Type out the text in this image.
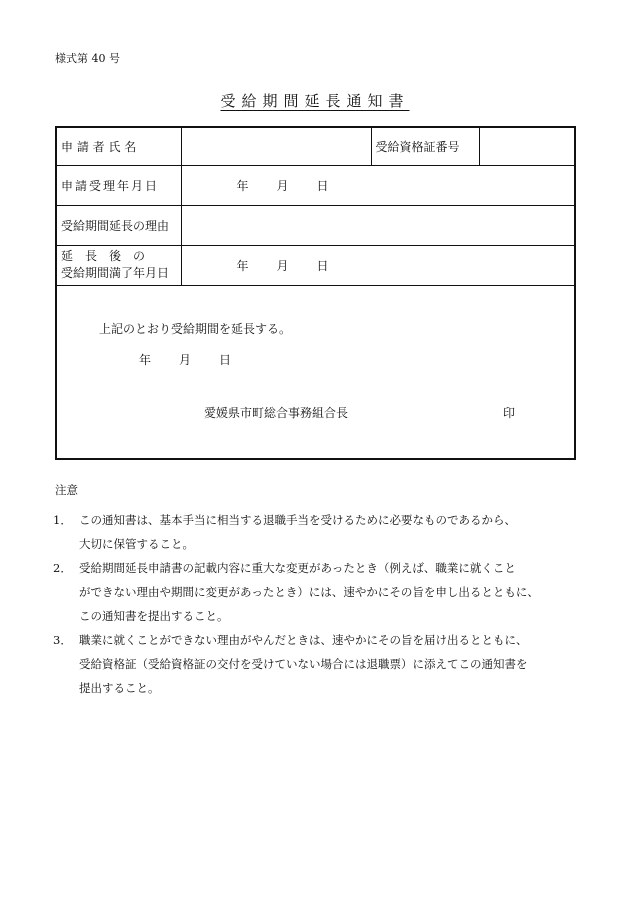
様式第 40 号
受給期間延長通知書
申 請 者 氏 名		受給資格証番号	
申請受理年月日	年 月 日		
受給期間延長の理由			

延　長　後　の
受給期間満了年月日	年 月 日		

上記のとおり受給期間を延長する。
年 月 日
愛媛県市町総合事務組合長 印			
注意
1． この通知書は、基本手当に相当する退職手当を受けるために必要なものであるから、
大切に保管すること。
2． 受給期間延長申請書の記載内容に重大な変更があったとき（例えば、職業に就くこと
ができない理由や期間に変更があったとき）には、速やかにその旨を申し出るとともに、
この通知書を提出すること。
3． 職業に就くことができない理由がやんだときは、速やかにその旨を届け出るとともに、
受給資格証（受給資格証の交付を受けていない場合には退職票）に添えてこの通知書を
提出すること。
